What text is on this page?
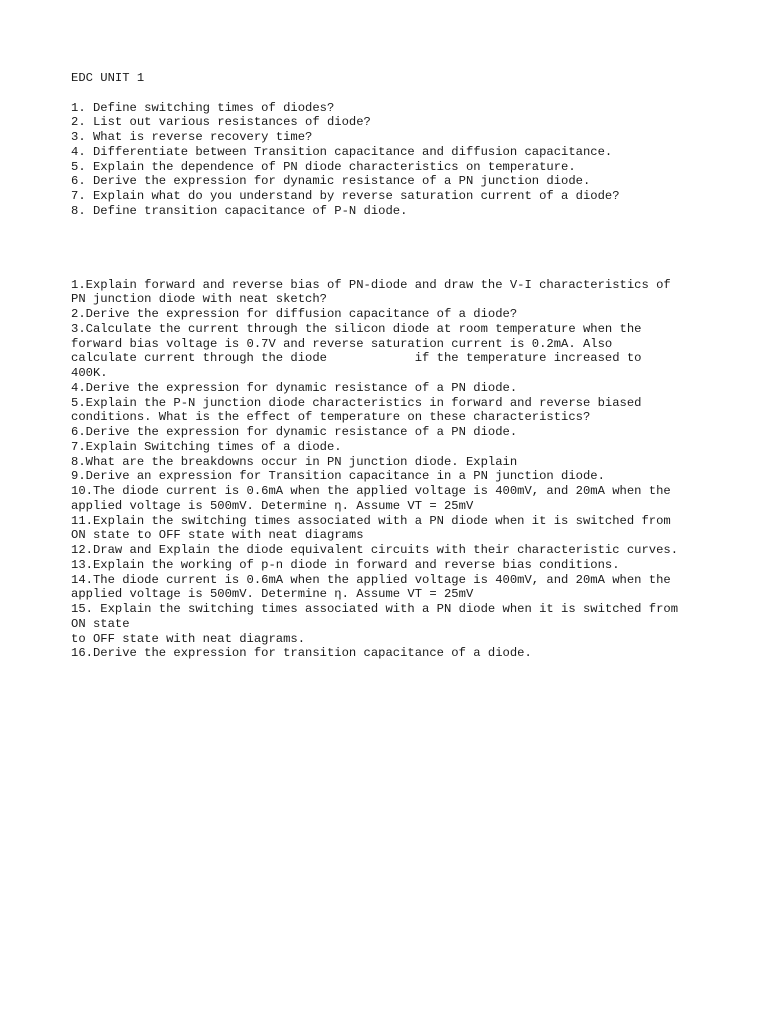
EDC UNIT 1
1. Define switching times of diodes?
2. List out various resistances of diode?
3. What is reverse recovery time?
4. Differentiate between Transition capacitance and diffusion capacitance.
5. Explain the dependence of PN diode characteristics on temperature.
6. Derive the expression for dynamic resistance of a PN junction diode.
7. Explain what do you understand by reverse saturation current of a diode?
8. Define transition capacitance of P-N diode.
1.Explain forward and reverse bias of PN-diode and draw the V-I characteristics of
PN junction diode with neat sketch?
2.Derive the expression for diffusion capacitance of a diode?
3.Calculate the current through the silicon diode at room temperature when the
forward bias voltage is 0.7V and reverse saturation current is 0.2mA. Also
calculate current through the diode            if the temperature increased to
400K.
4.Derive the expression for dynamic resistance of a PN diode.
5.Explain the P-N junction diode characteristics in forward and reverse biased
conditions. What is the effect of temperature on these characteristics?
6.Derive the expression for dynamic resistance of a PN diode.
7.Explain Switching times of a diode.
8.What are the breakdowns occur in PN junction diode. Explain
9.Derive an expression for Transition capacitance in a PN junction diode.
10.The diode current is 0.6mA when the applied voltage is 400mV, and 20mA when the
applied voltage is 500mV. Determine η. Assume VT = 25mV
11.Explain the switching times associated with a PN diode when it is switched from
ON state to OFF state with neat diagrams
12.Draw and Explain the diode equivalent circuits with their characteristic curves.
13.Explain the working of p-n diode in forward and reverse bias conditions.
14.The diode current is 0.6mA when the applied voltage is 400mV, and 20mA when the
applied voltage is 500mV. Determine η. Assume VT = 25mV
15. Explain the switching times associated with a PN diode when it is switched from
ON state
to OFF state with neat diagrams.
16.Derive the expression for transition capacitance of a diode.
